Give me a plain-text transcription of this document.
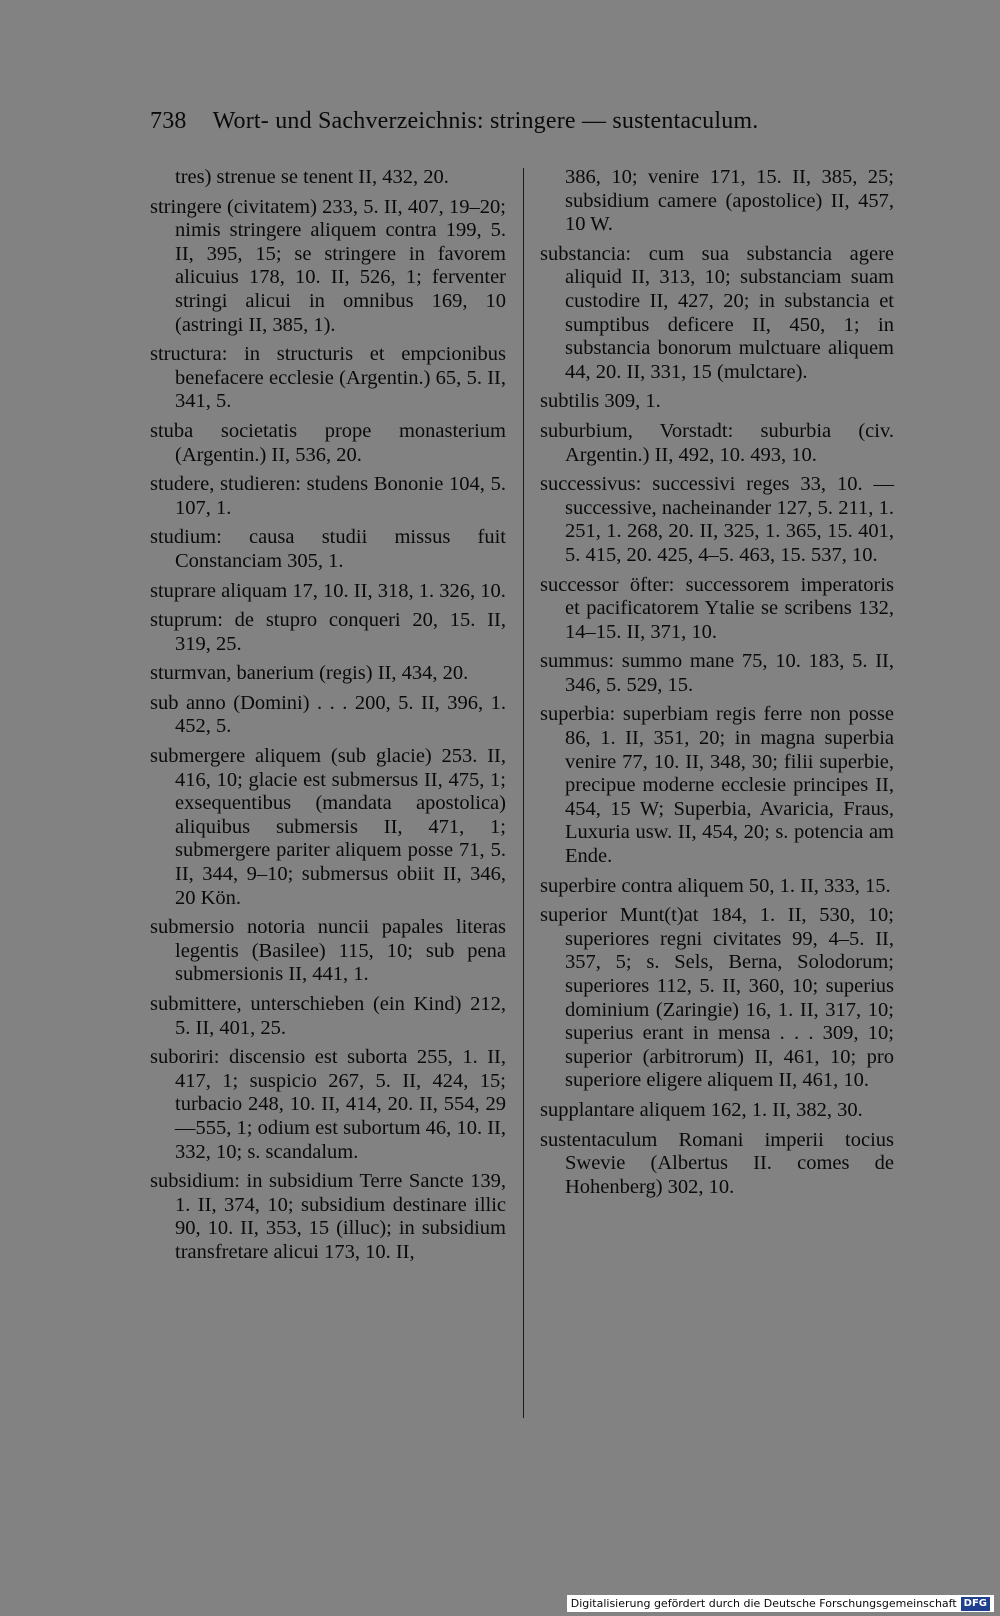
738 Wort- und Sachverzeichnis: stringere — sustentaculum.

tres) strenue se tenent II, 432, 20.

stringere (civitatem) 233, 5. II, 407, 19–20; nimis stringere aliquem contra 199, 5. II, 395, 15; se stringere in favorem alicuius 178, 10. II, 526, 1; ferventer stringi alicui in omnibus 169, 10 (astringi II, 385, 1).

structura: in structuris et empcionibus benefacere ecclesie (Argentin.) 65, 5. II, 341, 5.

stuba societatis prope monasterium (Argentin.) II, 536, 20.

studere, studieren: studens Bononie 104, 5. 107, 1.

studium: causa studii missus fuit Constanciam 305, 1.

stuprare aliquam 17, 10. II, 318, 1. 326, 10.

stuprum: de stupro conqueri 20, 15. II, 319, 25.

sturmvan, banerium (regis) II, 434, 20.

sub anno (Domini) . . . 200, 5. II, 396, 1. 452, 5.

submergere aliquem (sub glacie) 253. II, 416, 10; glacie est submersus II, 475, 1; exsequentibus (mandata apostolica) aliquibus submersis II, 471, 1; submergere pariter aliquem posse 71, 5. II, 344, 9–10; submersus obiit II, 346, 20 Kön.

submersio notoria nuncii papales literas legentis (Basilee) 115, 10; sub pena submersionis II, 441, 1.

submittere, unterschieben (ein Kind) 212, 5. II, 401, 25.

suboriri: discensio est suborta 255, 1. II, 417, 1; suspicio 267, 5. II, 424, 15; turbacio 248, 10. II, 414, 20. II, 554, 29—555, 1; odium est subortum 46, 10. II, 332, 10; s. scandalum.

subsidium: in subsidium Terre Sancte 139, 1. II, 374, 10; subsidium destinare illic 90, 10. II, 353, 15 (illuc); in subsidium transfretare alicui 173, 10. II,

386, 10; venire 171, 15. II, 385, 25; subsidium camere (apostolice) II, 457, 10 W.

substancia: cum sua substancia agere aliquid II, 313, 10; substanciam suam custodire II, 427, 20; in substancia et sumptibus deficere II, 450, 1; in substancia bonorum mulctuare aliquem 44, 20. II, 331, 15 (mulctare).

subtilis 309, 1.

suburbium, Vorstadt: suburbia (civ. Argentin.) II, 492, 10. 493, 10.

successivus: successivi reges 33, 10. — successive, nacheinander 127, 5. 211, 1. 251, 1. 268, 20. II, 325, 1. 365, 15. 401, 5. 415, 20. 425, 4–5. 463, 15. 537, 10.

successor öfter: successorem imperatoris et pacificatorem Ytalie se scribens 132, 14–15. II, 371, 10.

summus: summo mane 75, 10. 183, 5. II, 346, 5. 529, 15.

superbia: superbiam regis ferre non posse 86, 1. II, 351, 20; in magna superbia venire 77, 10. II, 348, 30; filii superbie, precipue moderne ecclesie principes II, 454, 15 W; Superbia, Avaricia, Fraus, Luxuria usw. II, 454, 20; s. potencia am Ende.

superbire contra aliquem 50, 1. II, 333, 15.

superior Munt(t)at 184, 1. II, 530, 10; superiores regni civitates 99, 4–5. II, 357, 5; s. Sels, Berna, Solodorum; superiores 112, 5. II, 360, 10; superius dominium (Zaringie) 16, 1. II, 317, 10; superius erant in mensa . . . 309, 10; superior (arbitrorum) II, 461, 10; pro superiore eligere aliquem II, 461, 10.

supplantare aliquem 162, 1. II, 382, 30.

sustentaculum Romani imperii tocius Swevie (Albertus II. comes de Hohenberg) 302, 10.

Digitalisierung gefördert durch die Deutsche Forschungsgemeinschaft DFG
